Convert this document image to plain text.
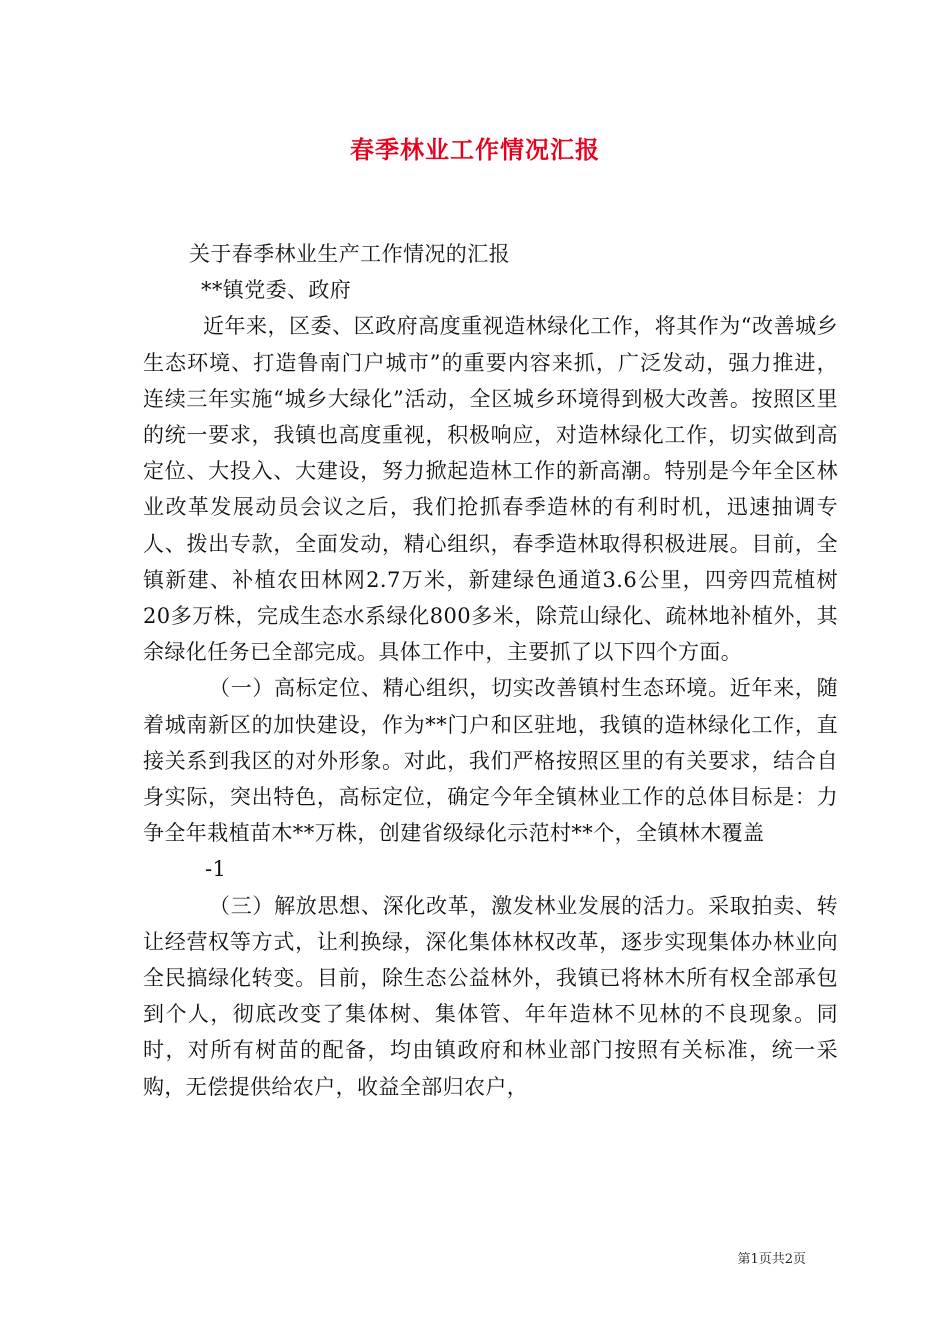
春季林业工作情况汇报

关于春季林业生产工作情况的汇报

**镇党委、政府

近年来，区委、区政府高度重视造林绿化工作，将其作为“改善城乡生态环境、打造鲁南门户城市”的重要内容来抓，广泛发动，强力推进，连续三年实施“城乡大绿化”活动，全区城乡环境得到极大改善。按照区里的统一要求，我镇也高度重视，积极响应，对造林绿化工作，切实做到高定位、大投入、大建设，努力掀起造林工作的新高潮。特别是今年全区林业改革发展动员会议之后，我们抢抓春季造林的有利时机，迅速抽调专人、拨出专款，全面发动，精心组织，春季造林取得积极进展。目前，全镇新建、补植农田林网2.7万米，新建绿色通道3.6公里，四旁四荒植树20多万株，完成生态水系绿化800多米，除荒山绿化、疏林地补植外，其余绿化任务已全部完成。具体工作中，主要抓了以下四个方面。

（一）高标定位、精心组织，切实改善镇村生态环境。近年来，随着城南新区的加快建设，作为**门户和区驻地，我镇的造林绿化工作，直接关系到我区的对外形象。对此，我们严格按照区里的有关要求，结合自身实际，突出特色，高标定位，确定今年全镇林业工作的总体目标是：力争全年栽植苗木**万株，创建省级绿化示范村**个，全镇林木覆盖

-1

（三）解放思想、深化改革，激发林业发展的活力。采取拍卖、转让经营权等方式，让利换绿，深化集体林权改革，逐步实现集体办林业向全民搞绿化转变。目前，除生态公益林外，我镇已将林木所有权全部承包到个人，彻底改变了集体树、集体管、年年造林不见林的不良现象。同时，对所有树苗的配备，均由镇政府和林业部门按照有关标准，统一采购，无偿提供给农户，收益全部归农户，

第1页共2页
